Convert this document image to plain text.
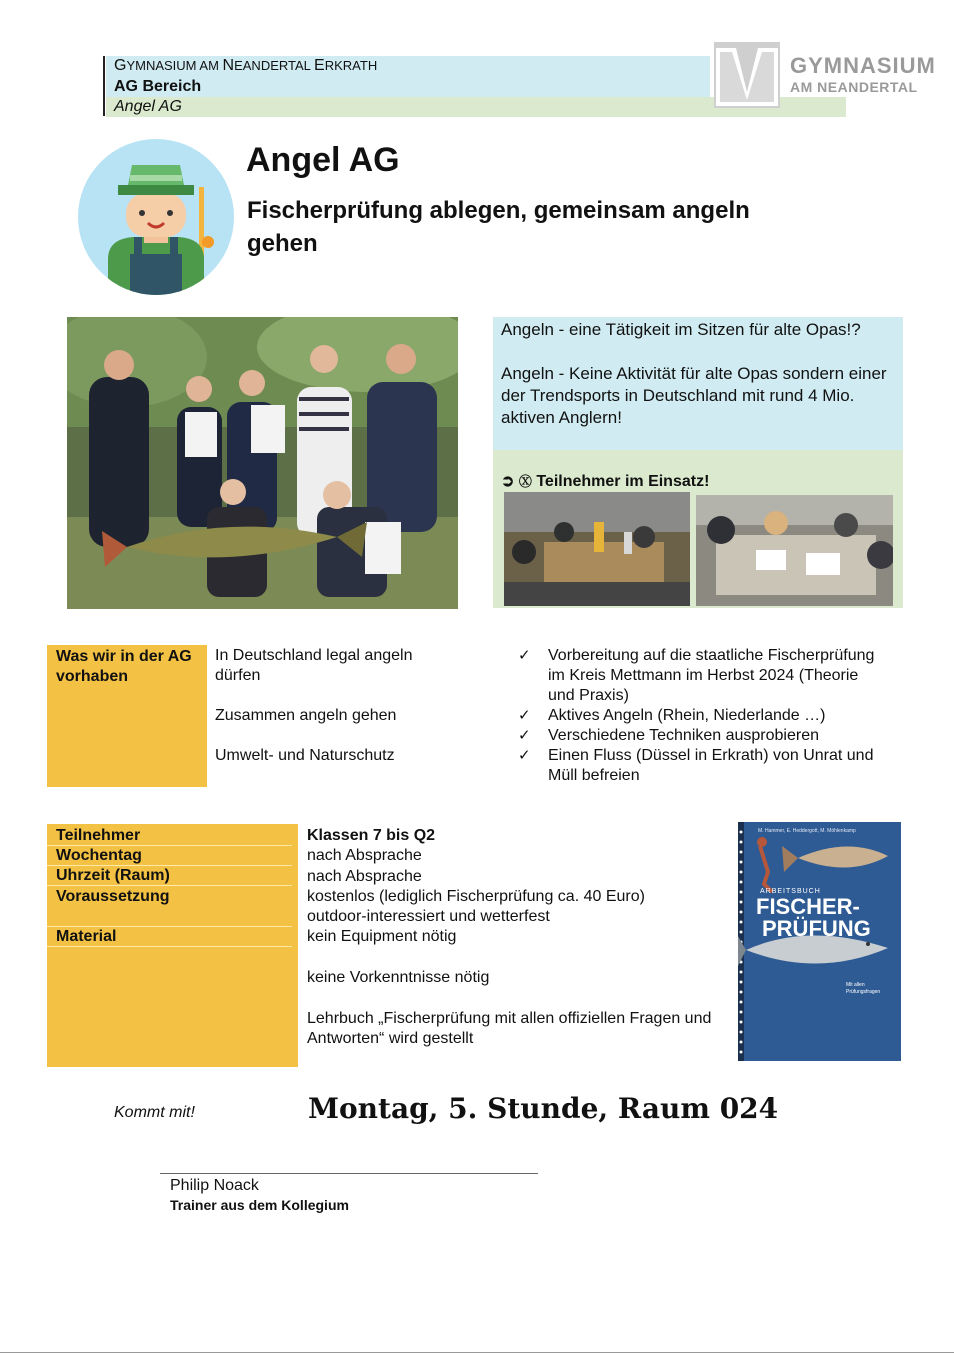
GYMNASIUM AM NEANDERTAL ERKRATH
AG Bereich
Angel AG
GYMNASIUM
AM NEANDERTAL
Angel AG

Fischerprüfung ablegen, gemeinsam angeln gehen

Angeln - eine Tätigkeit im Sitzen für alte Opas!?
Angeln - Keine Aktivität für alte Opas sondern einer der Trendsports in Deutschland mit rund 4 Mio. aktiven Anglern!
➲ Ⓧ Teilnehmer im Einsatz!
Was wir in der AG vorhaben
In Deutschland legal angeln dürfen
Zusammen angeln gehen
Umwelt- und Naturschutz
✓ Vorbereitung auf die staatliche Fischerprüfung im Kreis Mettmann im Herbst 2024 (Theorie und Praxis)
✓ Aktives Angeln (Rhein, Niederlande …)
✓ Verschiedene Techniken ausprobieren
✓ Einen Fluss (Düssel in Erkrath) von Unrat und Müll befreien
Teilnehmer
Wochentag
Uhrzeit (Raum)
Voraussetzung
Material
Klassen 7 bis Q2
nach Absprache
nach Absprache
kostenlos (lediglich Fischerprüfung ca. 40 Euro)
outdoor-interessiert und wetterfest
kein Equipment nötig
keine Vorkenntnisse nötig
Lehrbuch „Fischerprüfung mit allen offiziellen Fragen und Antworten“ wird gestellt
M. Hammer, E. Heddergott, M. Möhlenkamp
ARBEITSBUCH
FISCHER-
PRÜFUNG
Mit allen Prüfungsfragen
Kommt mit!	Montag, 5. Stunde, Raum 024
Philip Noack
Trainer aus dem Kollegium
